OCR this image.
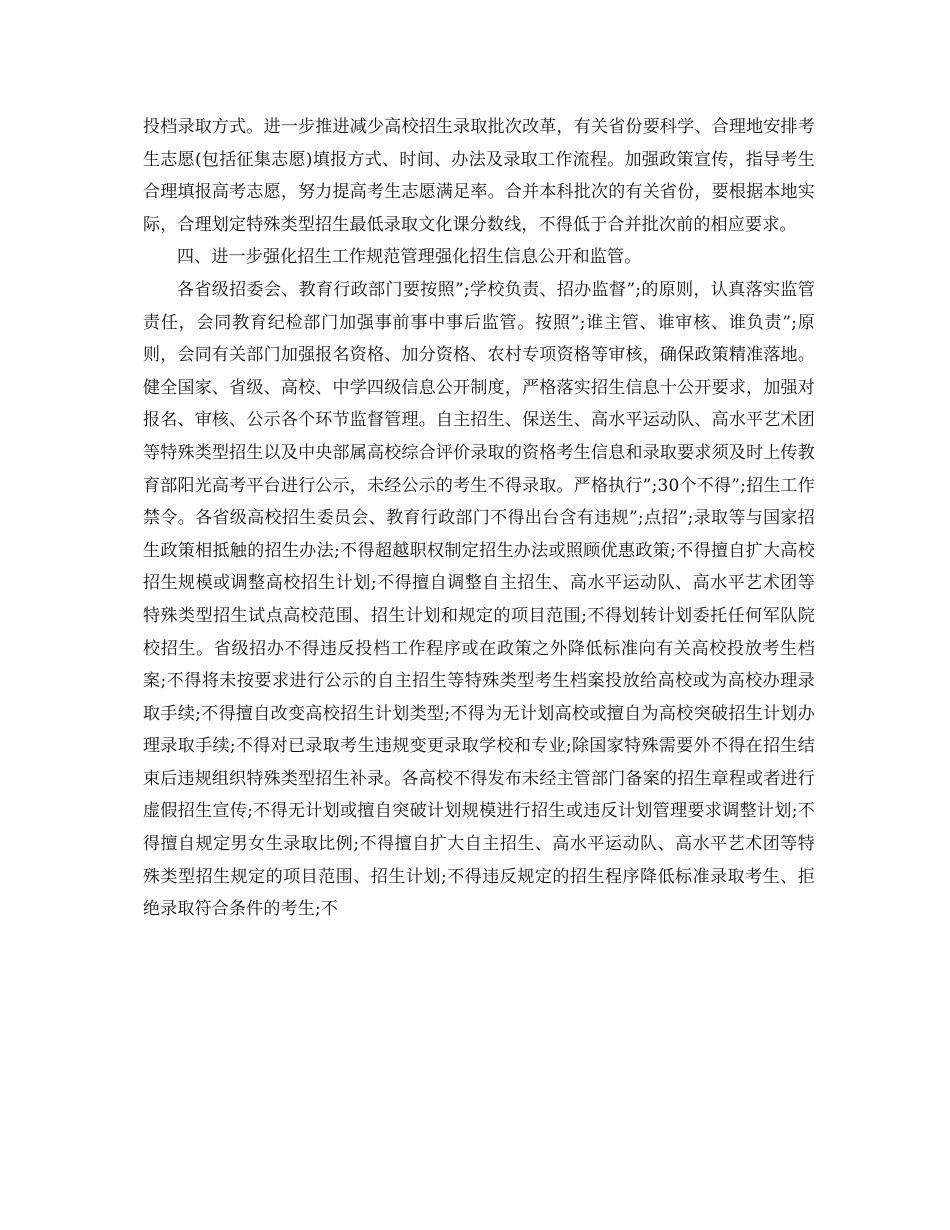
投档录取方式。进一步推进减少高校招生录取批次改革，有关省份要科学、合理地安排考生志愿(包括征集志愿)填报方式、时间、办法及录取工作流程。加强政策宣传，指导考生合理填报高考志愿，努力提高考生志愿满足率。合并本科批次的有关省份，要根据本地实际，合理划定特殊类型招生最低录取文化课分数线，不得低于合并批次前的相应要求。

四、进一步强化招生工作规范管理强化招生信息公开和监管。

各省级招委会、教育行政部门要按照”;学校负责、招办监督”;的原则，认真落实监管责任，会同教育纪检部门加强事前事中事后监管。按照”;谁主管、谁审核、谁负责”;原则，会同有关部门加强报名资格、加分资格、农村专项资格等审核，确保政策精准落地。健全国家、省级、高校、中学四级信息公开制度，严格落实招生信息十公开要求，加强对报名、审核、公示各个环节监督管理。自主招生、保送生、高水平运动队、高水平艺术团等特殊类型招生以及中央部属高校综合评价录取的资格考生信息和录取要求须及时上传教育部阳光高考平台进行公示，未经公示的考生不得录取。严格执行”;30个不得”;招生工作禁令。各省级高校招生委员会、教育行政部门不得出台含有违规”;点招”;录取等与国家招生政策相抵触的招生办法;不得超越职权制定招生办法或照顾优惠政策;不得擅自扩大高校招生规模或调整高校招生计划;不得擅自调整自主招生、高水平运动队、高水平艺术团等特殊类型招生试点高校范围、招生计划和规定的项目范围;不得划转计划委托任何军队院校招生。省级招办不得违反投档工作程序或在政策之外降低标准向有关高校投放考生档案;不得将未按要求进行公示的自主招生等特殊类型考生档案投放给高校或为高校办理录取手续;不得擅自改变高校招生计划类型;不得为无计划高校或擅自为高校突破招生计划办理录取手续;不得对已录取考生违规变更录取学校和专业;除国家特殊需要外不得在招生结束后违规组织特殊类型招生补录。各高校不得发布未经主管部门备案的招生章程或者进行虚假招生宣传;不得无计划或擅自突破计划规模进行招生或违反计划管理要求调整计划;不得擅自规定男女生录取比例;不得擅自扩大自主招生、高水平运动队、高水平艺术团等特殊类型招生规定的项目范围、招生计划;不得违反规定的招生程序降低标准录取考生、拒绝录取符合条件的考生;不
